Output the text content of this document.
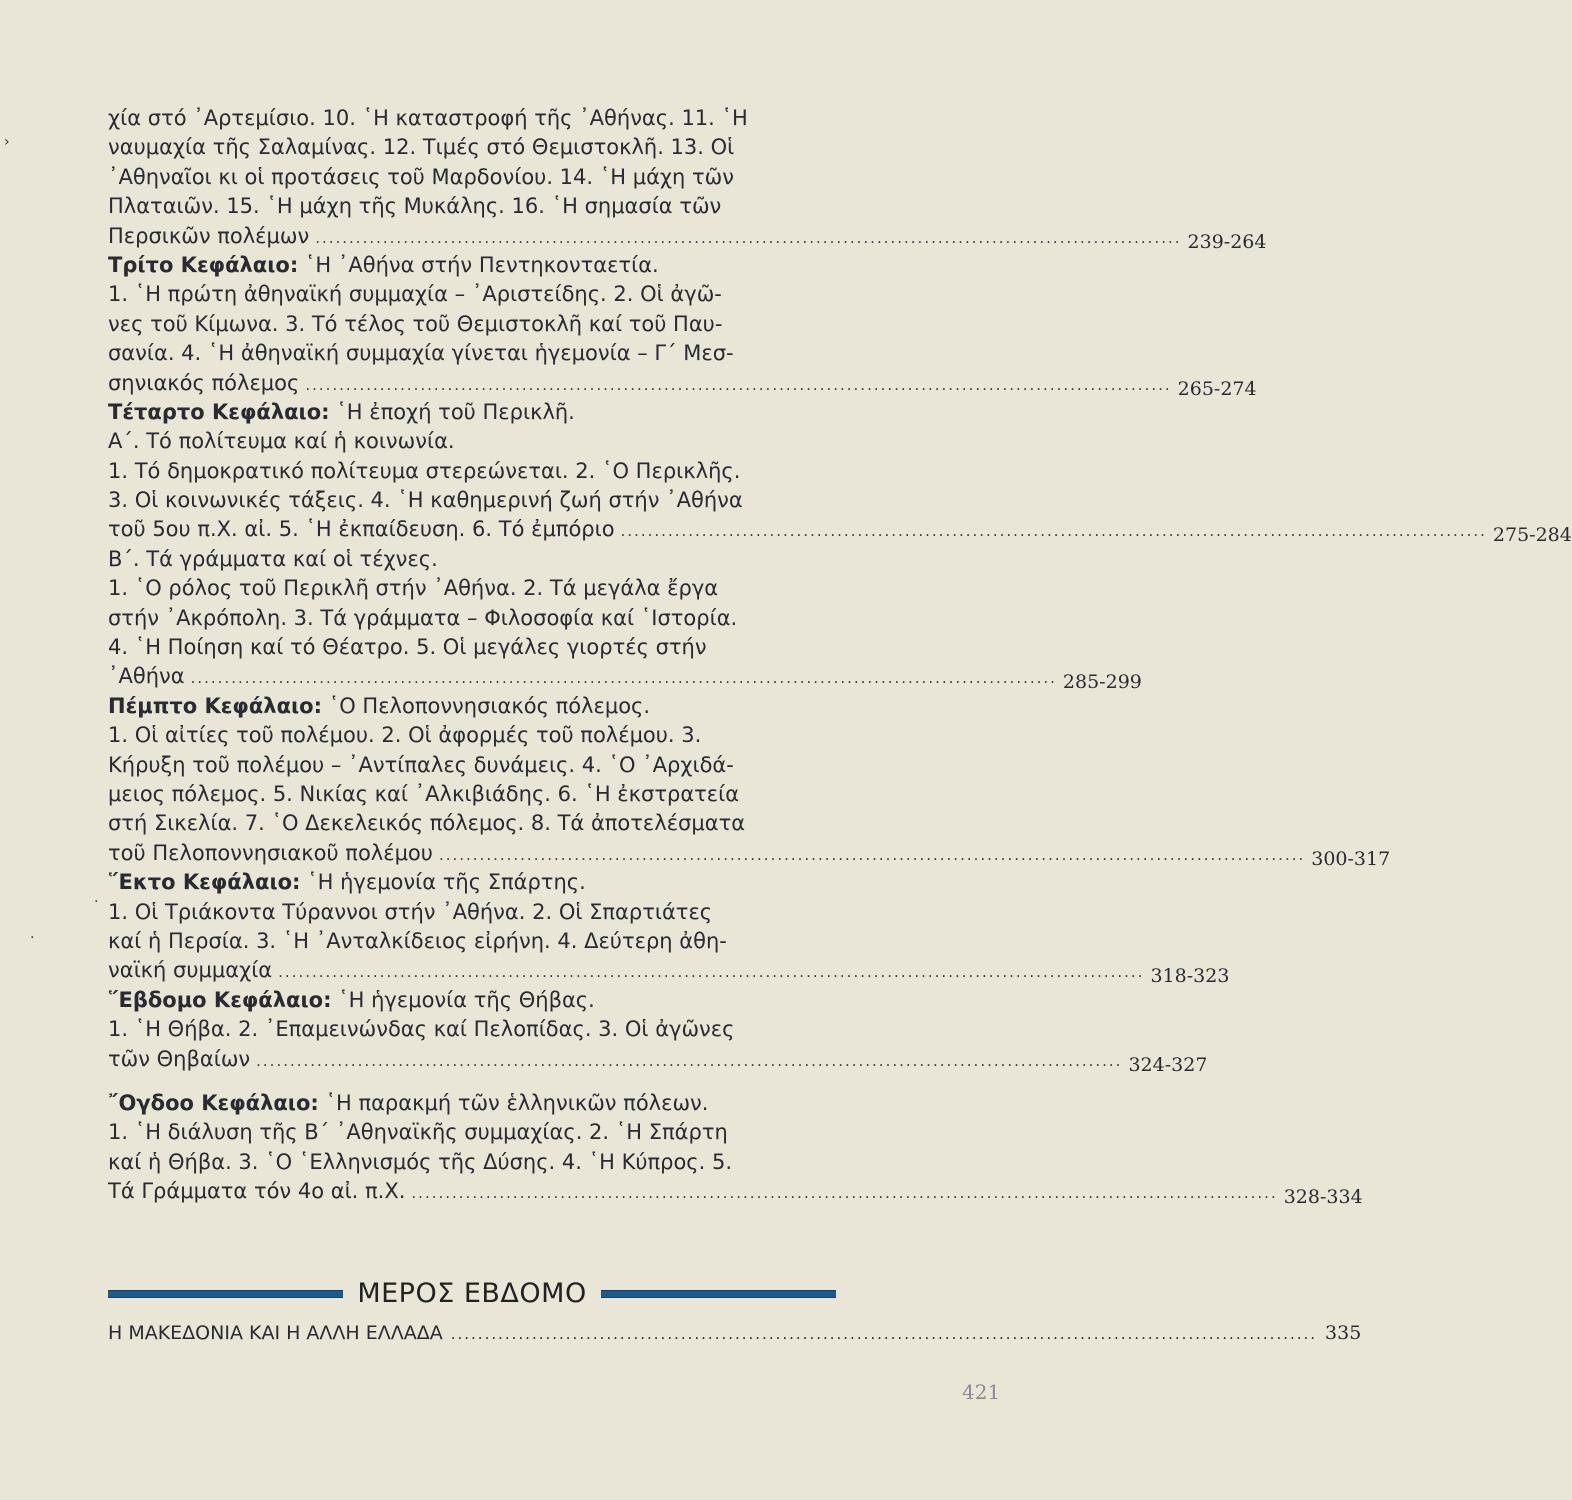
χία στό ᾽Αρτεμίσιο. 10. ῾Η καταστροφή τῆς ᾽Αθήνας. 11. ῾Η
ναυμαχία τῆς Σαλαμίνας. 12. Τιμές στό Θεμιστοκλῆ. 13. Οἱ
᾽Αθηναῖοι κι οἱ προτάσεις τοῦ Μαρδονίου. 14. ῾Η μάχη τῶν
Πλαταιῶν. 15. ῾Η μάχη τῆς Μυκάλης. 16. ῾Η σημασία τῶν
Περσικῶν πολέμων .....	239-264
Τρίτο Κεφάλαιο: ῾Η ᾽Αθήνα στήν Πεντηκονταετία.
1. ῾Η πρώτη ἀθηναϊκή συμμαχία – ᾽Αριστείδης. 2. Οἱ ἀγῶ-
νες τοῦ Κίμωνα. 3. Τό τέλος τοῦ Θεμιστοκλῆ καί τοῦ Παυ-
σανία. 4. ῾Η ἀθηναϊκή συμμαχία γίνεται ἡγεμονία – Γ΄ Μεσ-
σηνιακός πόλεμος .....	265-274
Τέταρτο Κεφάλαιο: ῾Η ἐποχή τοῦ Περικλῆ.
Α΄. Τό πολίτευμα καί ἡ κοινωνία.
1. Τό δημοκρατικό πολίτευμα στερεώνεται. 2. ῾Ο Περικλῆς.
3. Οἱ κοινωνικές τάξεις. 4. ῾Η καθημερινή ζωή στήν ᾽Αθήνα
τοῦ 5ου π.Χ. αἰ. 5. ῾Η ἐκπαίδευση. 6. Τό ἐμπόριο .....	275-284
Β΄. Τά γράμματα καί οἱ τέχνες.
1. ῾Ο ρόλος τοῦ Περικλῆ στήν ᾽Αθήνα. 2. Τά μεγάλα ἔργα
στήν ᾽Ακρόπολη. 3. Τά γράμματα – Φιλοσοφία καί ῾Ιστορία.
4. ῾Η Ποίηση καί τό Θέατρο. 5. Οἱ μεγάλες γιορτές στήν
᾽Αθήνα .....	285-299
Πέμπτο Κεφάλαιο: ῾Ο Πελοποννησιακός πόλεμος.
1. Οἱ αἰτίες τοῦ πολέμου. 2. Οἱ ἀφορμές τοῦ πολέμου. 3.
Κήρυξη τοῦ πολέμου – ᾽Αντίπαλες δυνάμεις. 4. ῾Ο ᾽Αρχιδά-
μειος πόλεμος. 5. Νικίας καί ᾽Αλκιβιάδης. 6. ῾Η ἐκστρατεία
στή Σικελία. 7. ῾Ο Δεκελεικός πόλεμος. 8. Τά ἀποτελέσματα
τοῦ Πελοποννησιακοῦ πολέμου .....	300-317
῞Εκτο Κεφάλαιο: ῾Η ἡγεμονία τῆς Σπάρτης.
1. Οἱ Τριάκοντα Τύραννοι στήν ᾽Αθήνα. 2. Οἱ Σπαρτιάτες
καί ἡ Περσία. 3. ῾Η ᾽Ανταλκίδειος εἰρήνη. 4. Δεύτερη ἀθη-
ναϊκή συμμαχία .....	318-323
῞Εβδομο Κεφάλαιο: ῾Η ἡγεμονία τῆς Θήβας.
1. ῾Η Θήβα. 2. ᾽Επαμεινώνδας καί Πελοπίδας. 3. Οἱ ἀγῶνες
τῶν Θηβαίων .....	324-327
῎Ογδοο Κεφάλαιο: ῾Η παρακμή τῶν ἑλληνικῶν πόλεων.
1. ῾Η διάλυση τῆς Β΄ ᾽Αθηναϊκῆς συμμαχίας. 2. ῾Η Σπάρτη
καί ἡ Θήβα. 3. ῾Ο ῾Ελληνισμός τῆς Δύσης. 4. ῾Η Κύπρος. 5.
Τά Γράμματα τόν 4ο αἰ. π.Χ. .....	328-334
ΜΕΡΟΣ ΕΒΔΟΜΟ
Η ΜΑΚΕΔΟΝΙΑ ΚΑΙ Η ΑΛΛΗ ΕΛΛΑΔΑ .....	335
421
›
·
·
